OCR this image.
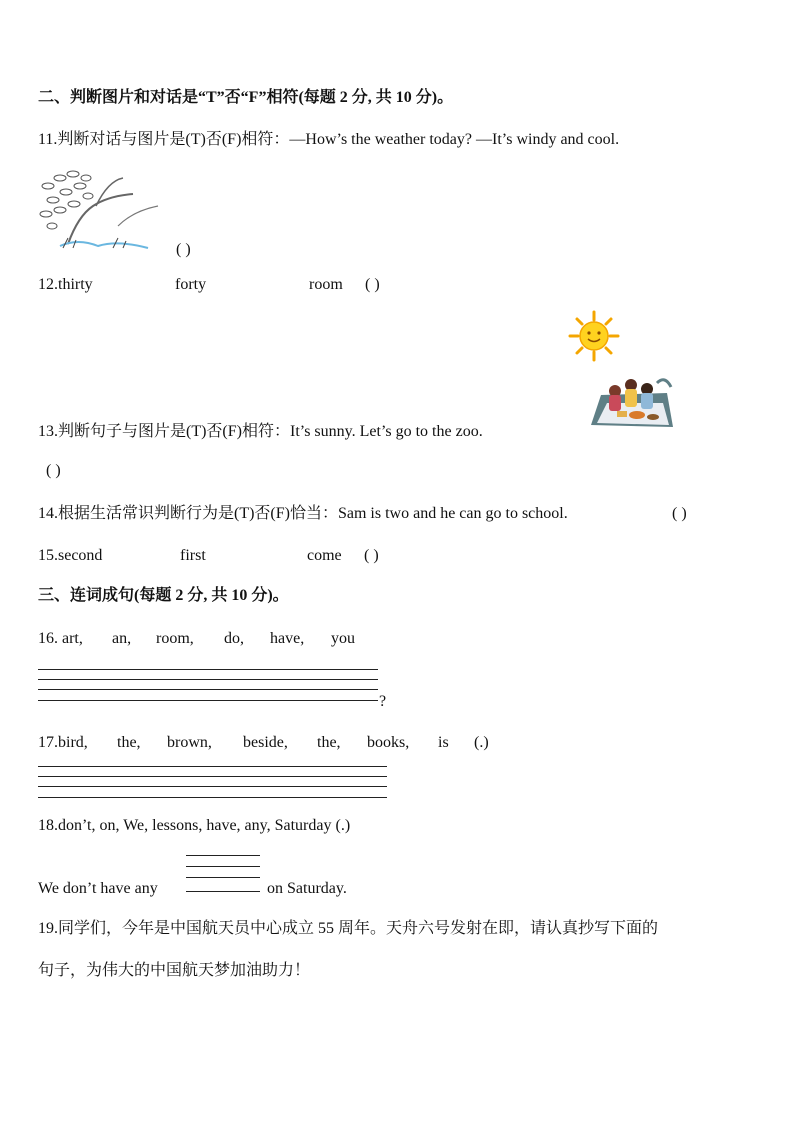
二、判断图片和对话是“T”否“F”相符(每题 2 分, 共 10 分)。
11.判断对话与图片是(T)否(F)相符：—How’s the weather today? —It’s windy and cool.
( )
12.thirty	forty	room ( )
13.判断句子与图片是(T)否(F)相符：It’s sunny. Let’s go to the zoo.
( )
14.根据生活常识判断行为是(T)否(F)恰当：Sam is two and he can go to school.	( )
15.second	first	come ( )
三、连词成句(每题 2 分, 共 10 分)。
16. art, an, room, do, have, you
?
17.bird, the, brown, beside, the, books, is (.)
18.don’t, on, We, lessons, have, any, Saturday (.)
We don’t have any	on Saturday.
19.同学们，今年是中国航天员中心成立 55 周年。天舟六号发射在即，请认真抄写下面的
句子，为伟大的中国航天梦加油助力！
